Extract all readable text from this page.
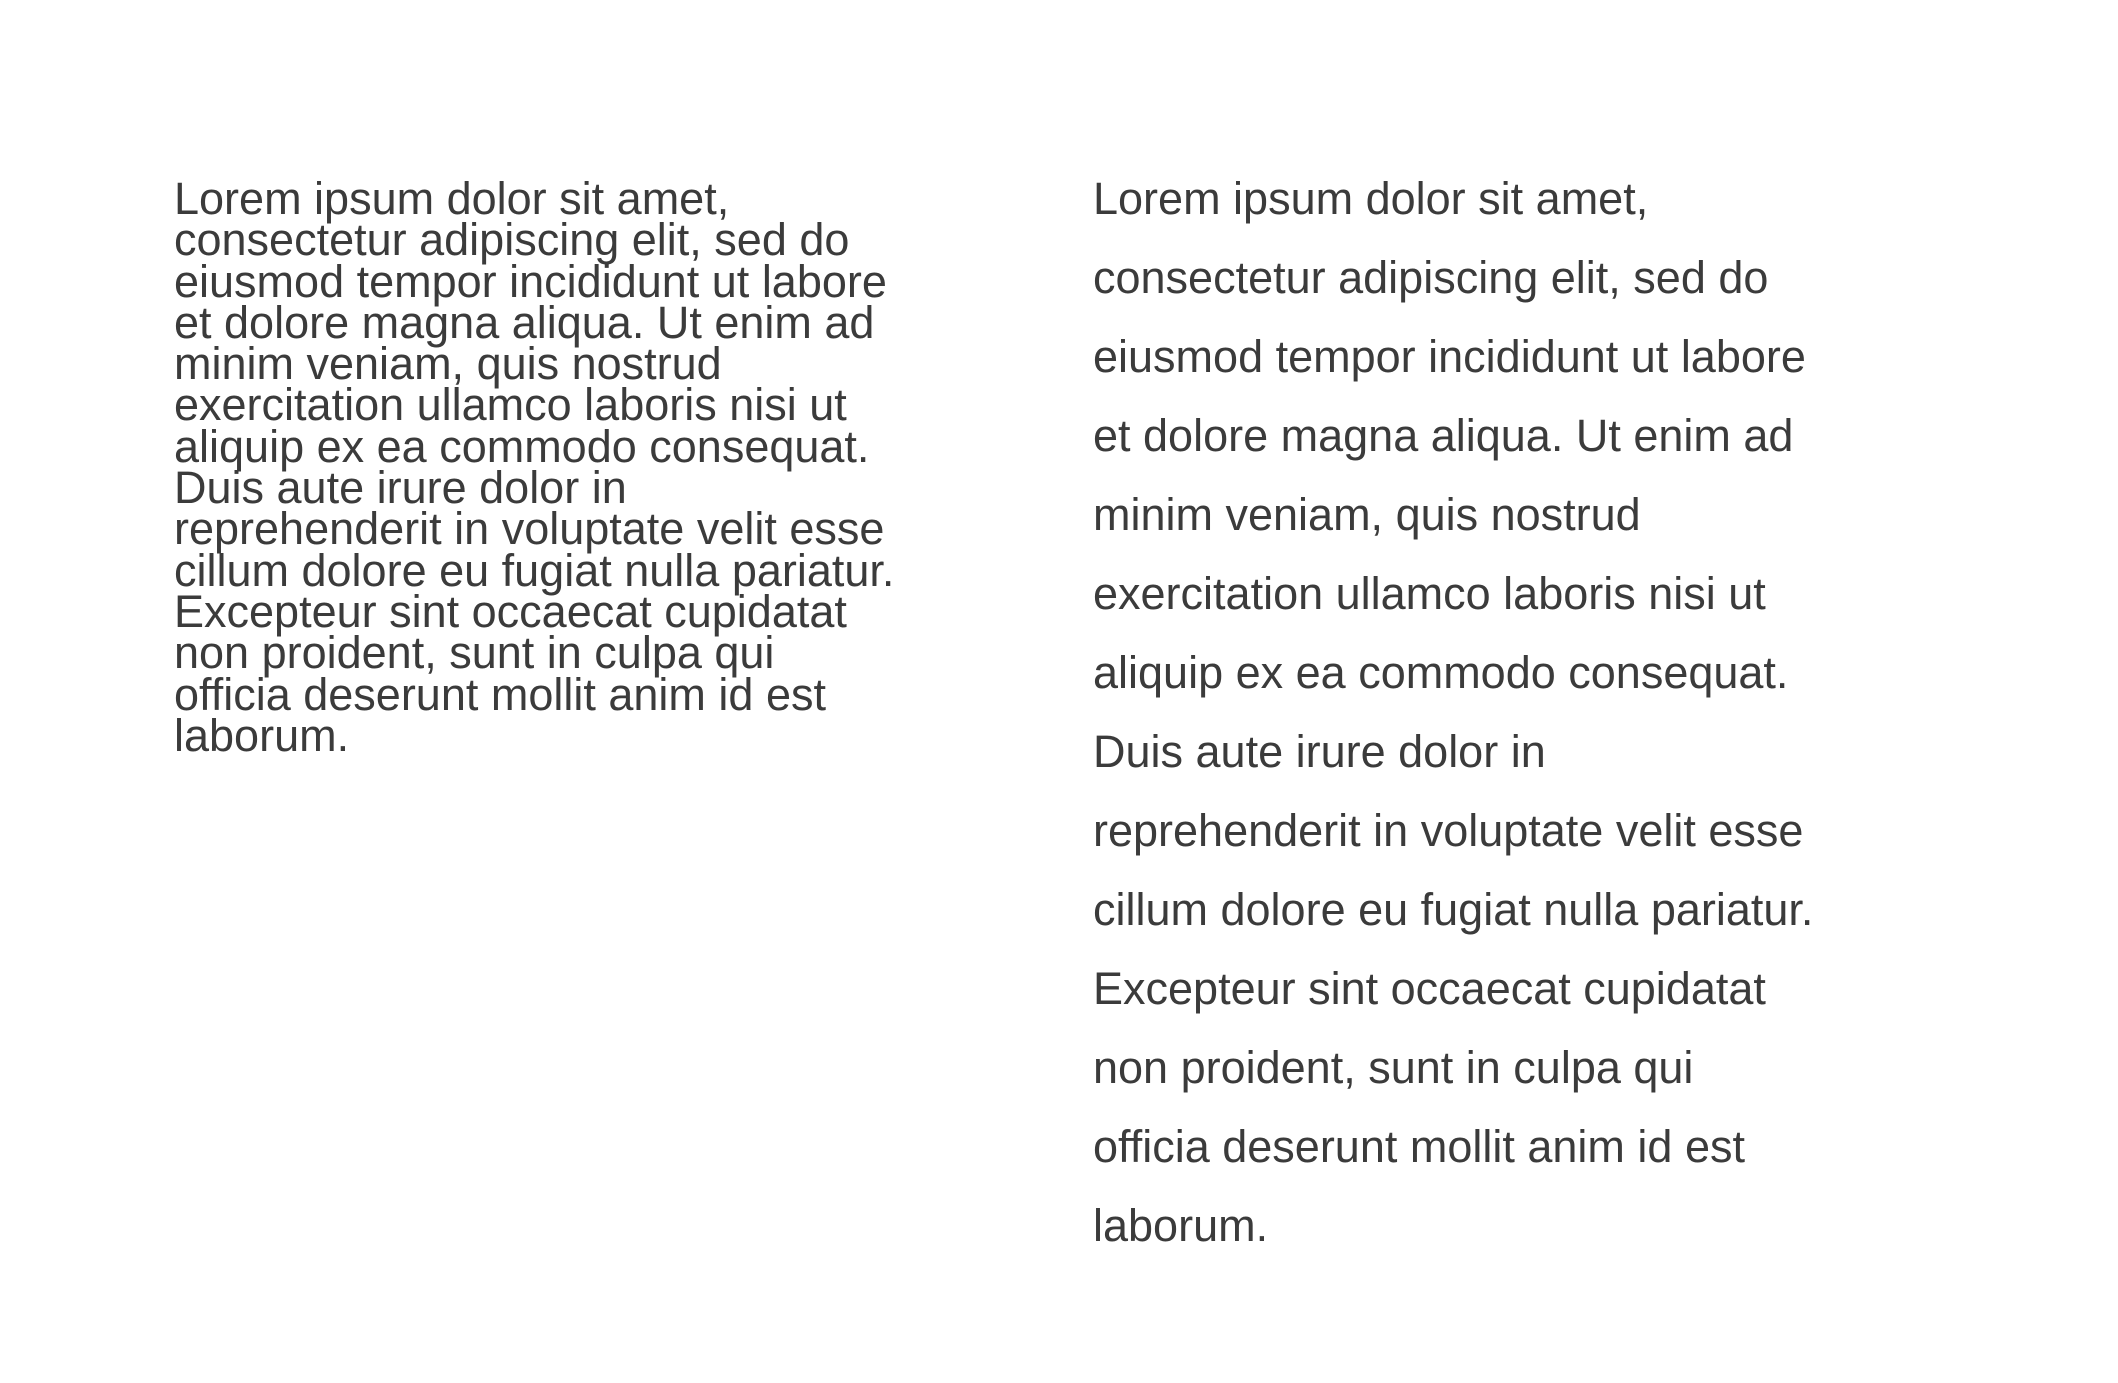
Lorem ipsum dolor sit amet,
consectetur adipiscing elit, sed do
eiusmod tempor incididunt ut labore
et dolore magna aliqua. Ut enim ad
minim veniam, quis nostrud
exercitation ullamco laboris nisi ut
aliquip ex ea commodo consequat.
Duis aute irure dolor in
reprehenderit in voluptate velit esse
cillum dolore eu fugiat nulla pariatur.
Excepteur sint occaecat cupidatat
non proident, sunt in culpa qui
officia deserunt mollit anim id est
laborum.
Lorem ipsum dolor sit amet,
consectetur adipiscing elit, sed do
eiusmod tempor incididunt ut labore
et dolore magna aliqua. Ut enim ad
minim veniam, quis nostrud
exercitation ullamco laboris nisi ut
aliquip ex ea commodo consequat.
Duis aute irure dolor in
reprehenderit in voluptate velit esse
cillum dolore eu fugiat nulla pariatur.
Excepteur sint occaecat cupidatat
non proident, sunt in culpa qui
officia deserunt mollit anim id est
laborum.
